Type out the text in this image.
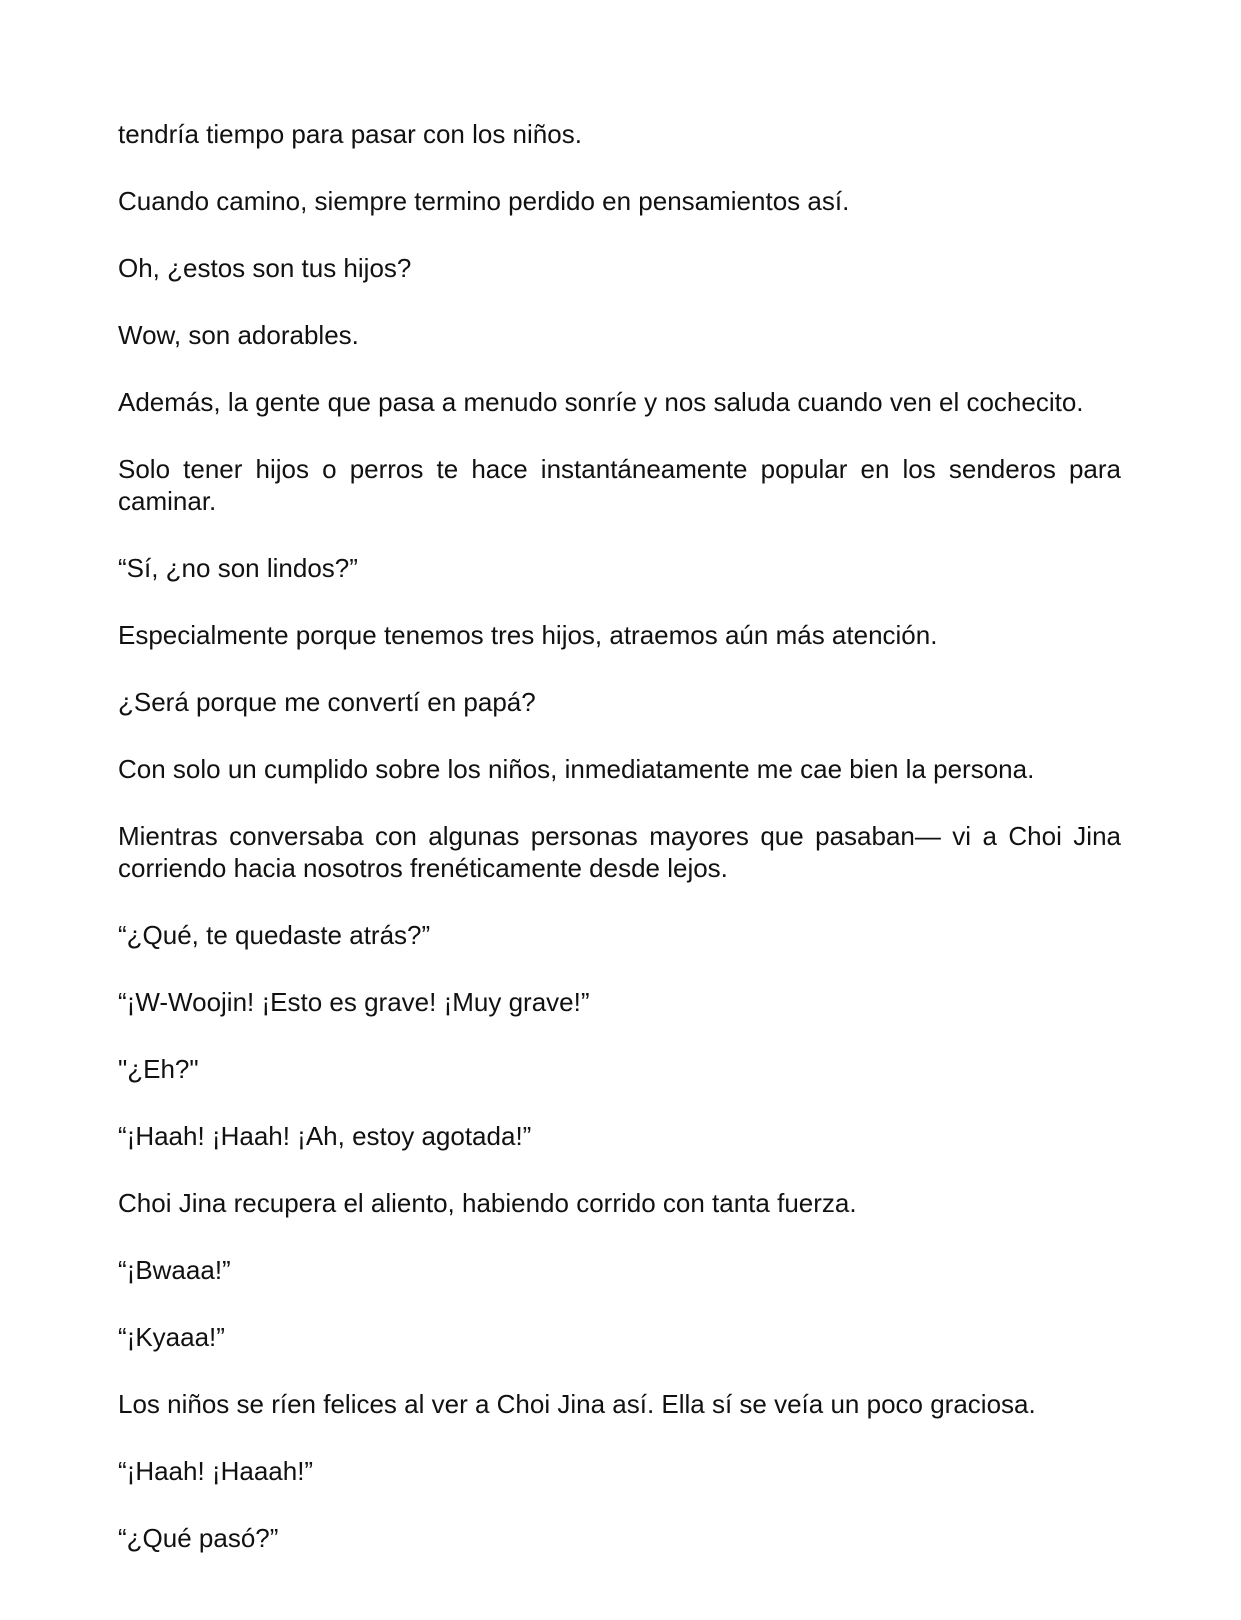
tendría tiempo para pasar con los niños.

Cuando camino, siempre termino perdido en pensamientos así.

Oh, ¿estos son tus hijos?

Wow, son adorables.

Además, la gente que pasa a menudo sonríe y nos saluda cuando ven el cochecito.

Solo tener hijos o perros te hace instantáneamente popular en los senderos para caminar.

“Sí, ¿no son lindos?”

Especialmente porque tenemos tres hijos, atraemos aún más atención.

¿Será porque me convertí en papá?

Con solo un cumplido sobre los niños, inmediatamente me cae bien la persona.

Mientras conversaba con algunas personas mayores que pasaban— vi a Choi Jina corriendo hacia nosotros frenéticamente desde lejos.

“¿Qué, te quedaste atrás?”

“¡W-Woojin! ¡Esto es grave! ¡Muy grave!”

"¿Eh?"

“¡Haah! ¡Haah! ¡Ah, estoy agotada!”

Choi Jina recupera el aliento, habiendo corrido con tanta fuerza.

“¡Bwaaa!”

“¡Kyaaa!”

Los niños se ríen felices al ver a Choi Jina así. Ella sí se veía un poco graciosa.

“¡Haah! ¡Haaah!”

“¿Qué pasó?”
